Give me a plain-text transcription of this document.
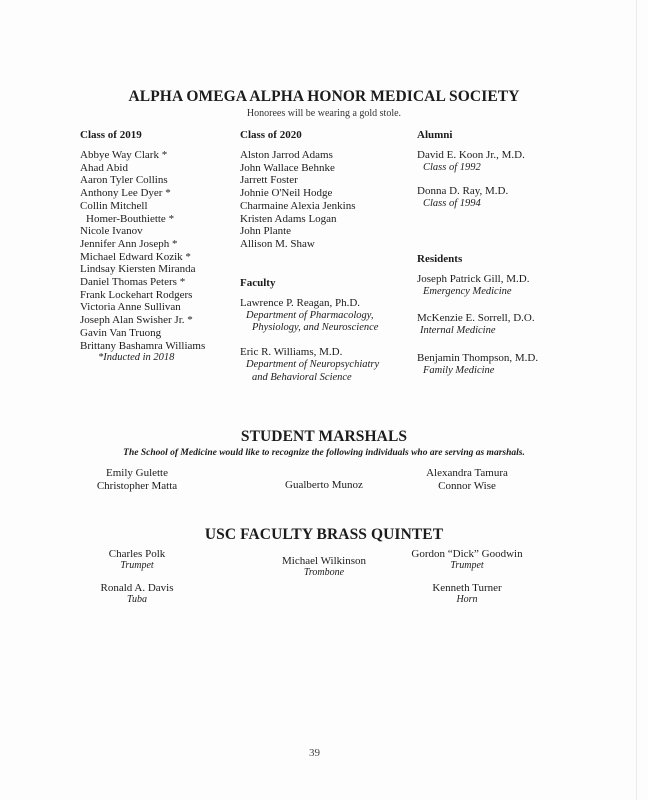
ALPHA OMEGA ALPHA HONOR MEDICAL SOCIETY
Honorees will be wearing a gold stole.
Class of 2019
Abbye Way Clark *
Ahad Abid
Aaron Tyler Collins
Anthony Lee Dyer *
Collin Mitchell
Homer-Bouthiette *
Nicole Ivanov
Jennifer Ann Joseph *
Michael Edward Kozik *
Lindsay Kiersten Miranda
Daniel Thomas Peters *
Frank Lockehart Rodgers
Victoria Anne Sullivan
Joseph Alan Swisher Jr. *
Gavin Van Truong
Brittany Bashamra Williams
*Inducted in 2018
Class of 2020
Alston Jarrod Adams
John Wallace Behnke
Jarrett Foster
Johnie O'Neil Hodge
Charmaine Alexia Jenkins
Kristen Adams Logan
John Plante
Allison M. Shaw
Faculty
Lawrence P. Reagan, Ph.D.
Department of Pharmacology,
Physiology, and Neuroscience
Eric R. Williams, M.D.
Department of Neuropsychiatry
and Behavioral Science
Alumni
David E. Koon Jr., M.D.
Class of 1992
Donna D. Ray, M.D.
Class of 1994
Residents
Joseph Patrick Gill, M.D.
Emergency Medicine
McKenzie E. Sorrell, D.O.
Internal Medicine
Benjamin Thompson, M.D.
Family Medicine
STUDENT MARSHALS
The School of Medicine would like to recognize the following individuals who are serving as marshals.
Emily Gulette
Christopher Matta	Gualberto Munoz
Alexandra Tamura
Connor Wise
USC FACULTY BRASS QUINTET
Charles Polk
Trumpet	Michael Wilkinson
Trombone
Gordon “Dick” Goodwin
Trumpet
Ronald A. Davis
Tuba
Kenneth Turner
Horn
39
